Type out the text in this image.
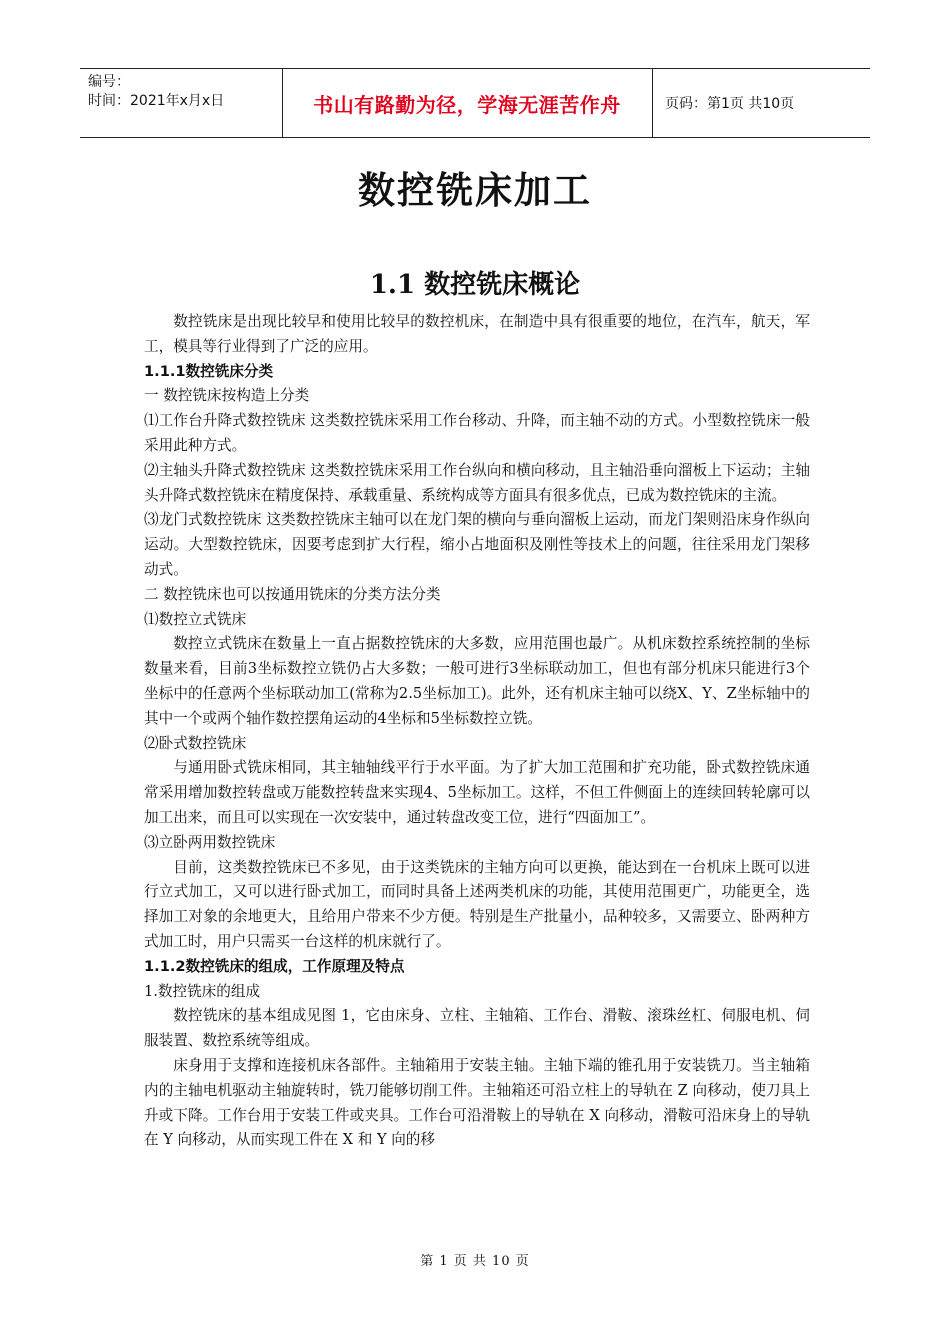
编号：
时间：2021年x月x日	书山有路勤为径，学海无涯苦作舟	页码：第1页 共10页
数控铣床加工
1.1 数控铣床概论

数控铣床是出现比较早和使用比较早的数控机床，在制造中具有很重要的地位，在汽车，航天，军工，模具等行业得到了广泛的应用。

1.1.1数控铣床分类

一 数控铣床按构造上分类

⑴工作台升降式数控铣床 这类数控铣床采用工作台移动、升降，而主轴不动的方式。小型数控铣床一般采用此种方式。

⑵主轴头升降式数控铣床 这类数控铣床采用工作台纵向和横向移动，且主轴沿垂向溜板上下运动；主轴头升降式数控铣床在精度保持、承载重量、系统构成等方面具有很多优点，已成为数控铣床的主流。

⑶龙门式数控铣床 这类数控铣床主轴可以在龙门架的横向与垂向溜板上运动，而龙门架则沿床身作纵向运动。大型数控铣床，因要考虑到扩大行程，缩小占地面积及刚性等技术上的问题，往往采用龙门架移动式。

二 数控铣床也可以按通用铣床的分类方法分类

⑴数控立式铣床

数控立式铣床在数量上一直占据数控铣床的大多数，应用范围也最广。从机床数控系统控制的坐标数量来看，目前3坐标数控立铣仍占大多数；一般可进行3坐标联动加工，但也有部分机床只能进行3个坐标中的任意两个坐标联动加工(常称为2.5坐标加工)。此外，还有机床主轴可以绕X、Y、Z坐标轴中的其中一个或两个轴作数控摆角运动的4坐标和5坐标数控立铣。

⑵卧式数控铣床

与通用卧式铣床相同，其主轴轴线平行于水平面。为了扩大加工范围和扩充功能，卧式数控铣床通常采用增加数控转盘或万能数控转盘来实现4、5坐标加工。这样，不但工件侧面上的连续回转轮廓可以加工出来，而且可以实现在一次安装中，通过转盘改变工位，进行“四面加工”。

⑶立卧两用数控铣床

目前，这类数控铣床已不多见，由于这类铣床的主轴方向可以更换，能达到在一台机床上既可以进行立式加工，又可以进行卧式加工，而同时具备上述两类机床的功能，其使用范围更广，功能更全，选择加工对象的余地更大，且给用户带来不少方便。特别是生产批量小，品种较多，又需要立、卧两种方式加工时，用户只需买一台这样的机床就行了。

1.1.2数控铣床的组成，工作原理及特点

1.数控铣床的组成

数控铣床的基本组成见图 1，它由床身、立柱、主轴箱、工作台、滑鞍、滚珠丝杠、伺服电机、伺服装置、数控系统等组成。

床身用于支撑和连接机床各部件。主轴箱用于安装主轴。主轴下端的锥孔用于安装铣刀。当主轴箱内的主轴电机驱动主轴旋转时，铣刀能够切削工件。主轴箱还可沿立柱上的导轨在 Z 向移动，使刀具上升或下降。工作台用于安装工件或夹具。工作台可沿滑鞍上的导轨在 X 向移动，滑鞍可沿床身上的导轨在 Y 向移动，从而实现工件在 X 和 Y 向的移

第 1 页 共 10 页
